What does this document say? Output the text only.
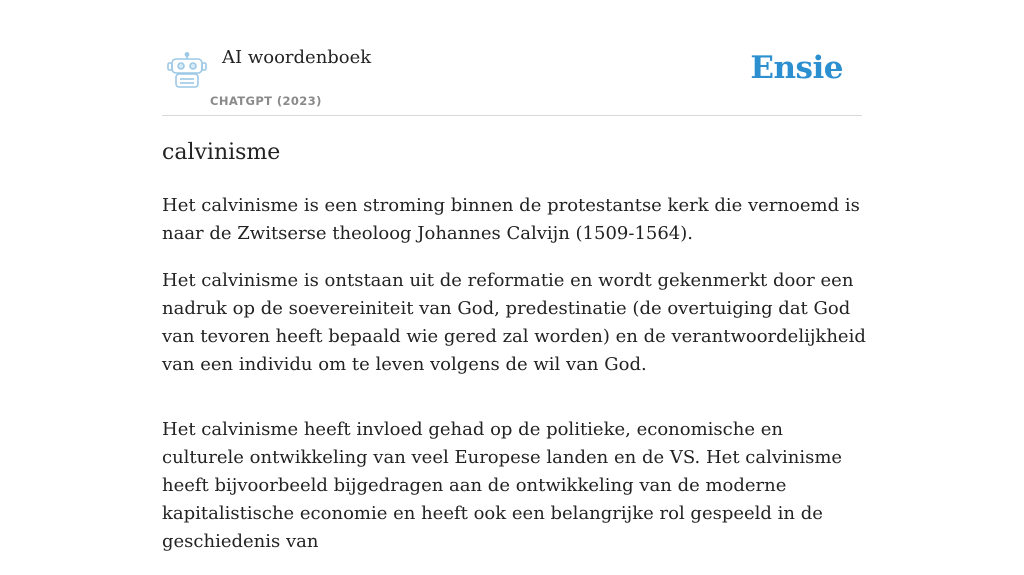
AI woordenboek
CHATGPT (2023)
Ensie
calvinisme

Het calvinisme is een stroming binnen de protestantse kerk die vernoemd is naar de Zwitserse theoloog Johannes Calvijn (1509-1564).

Het calvinisme is ontstaan uit de reformatie en wordt gekenmerkt door een nadruk op de soevereiniteit van God, predestinatie (de overtuiging dat God van tevoren heeft bepaald wie gered zal worden) en de verantwoordelijkheid van een individu om te leven volgens de wil van God.

Het calvinisme heeft invloed gehad op de politieke, economische en culturele ontwikkeling van veel Europese landen en de VS. Het calvinisme heeft bijvoorbeeld bijgedragen aan de ontwikkeling van de moderne kapitalistische economie en heeft ook een belangrijke rol gespeeld in de geschiedenis van
